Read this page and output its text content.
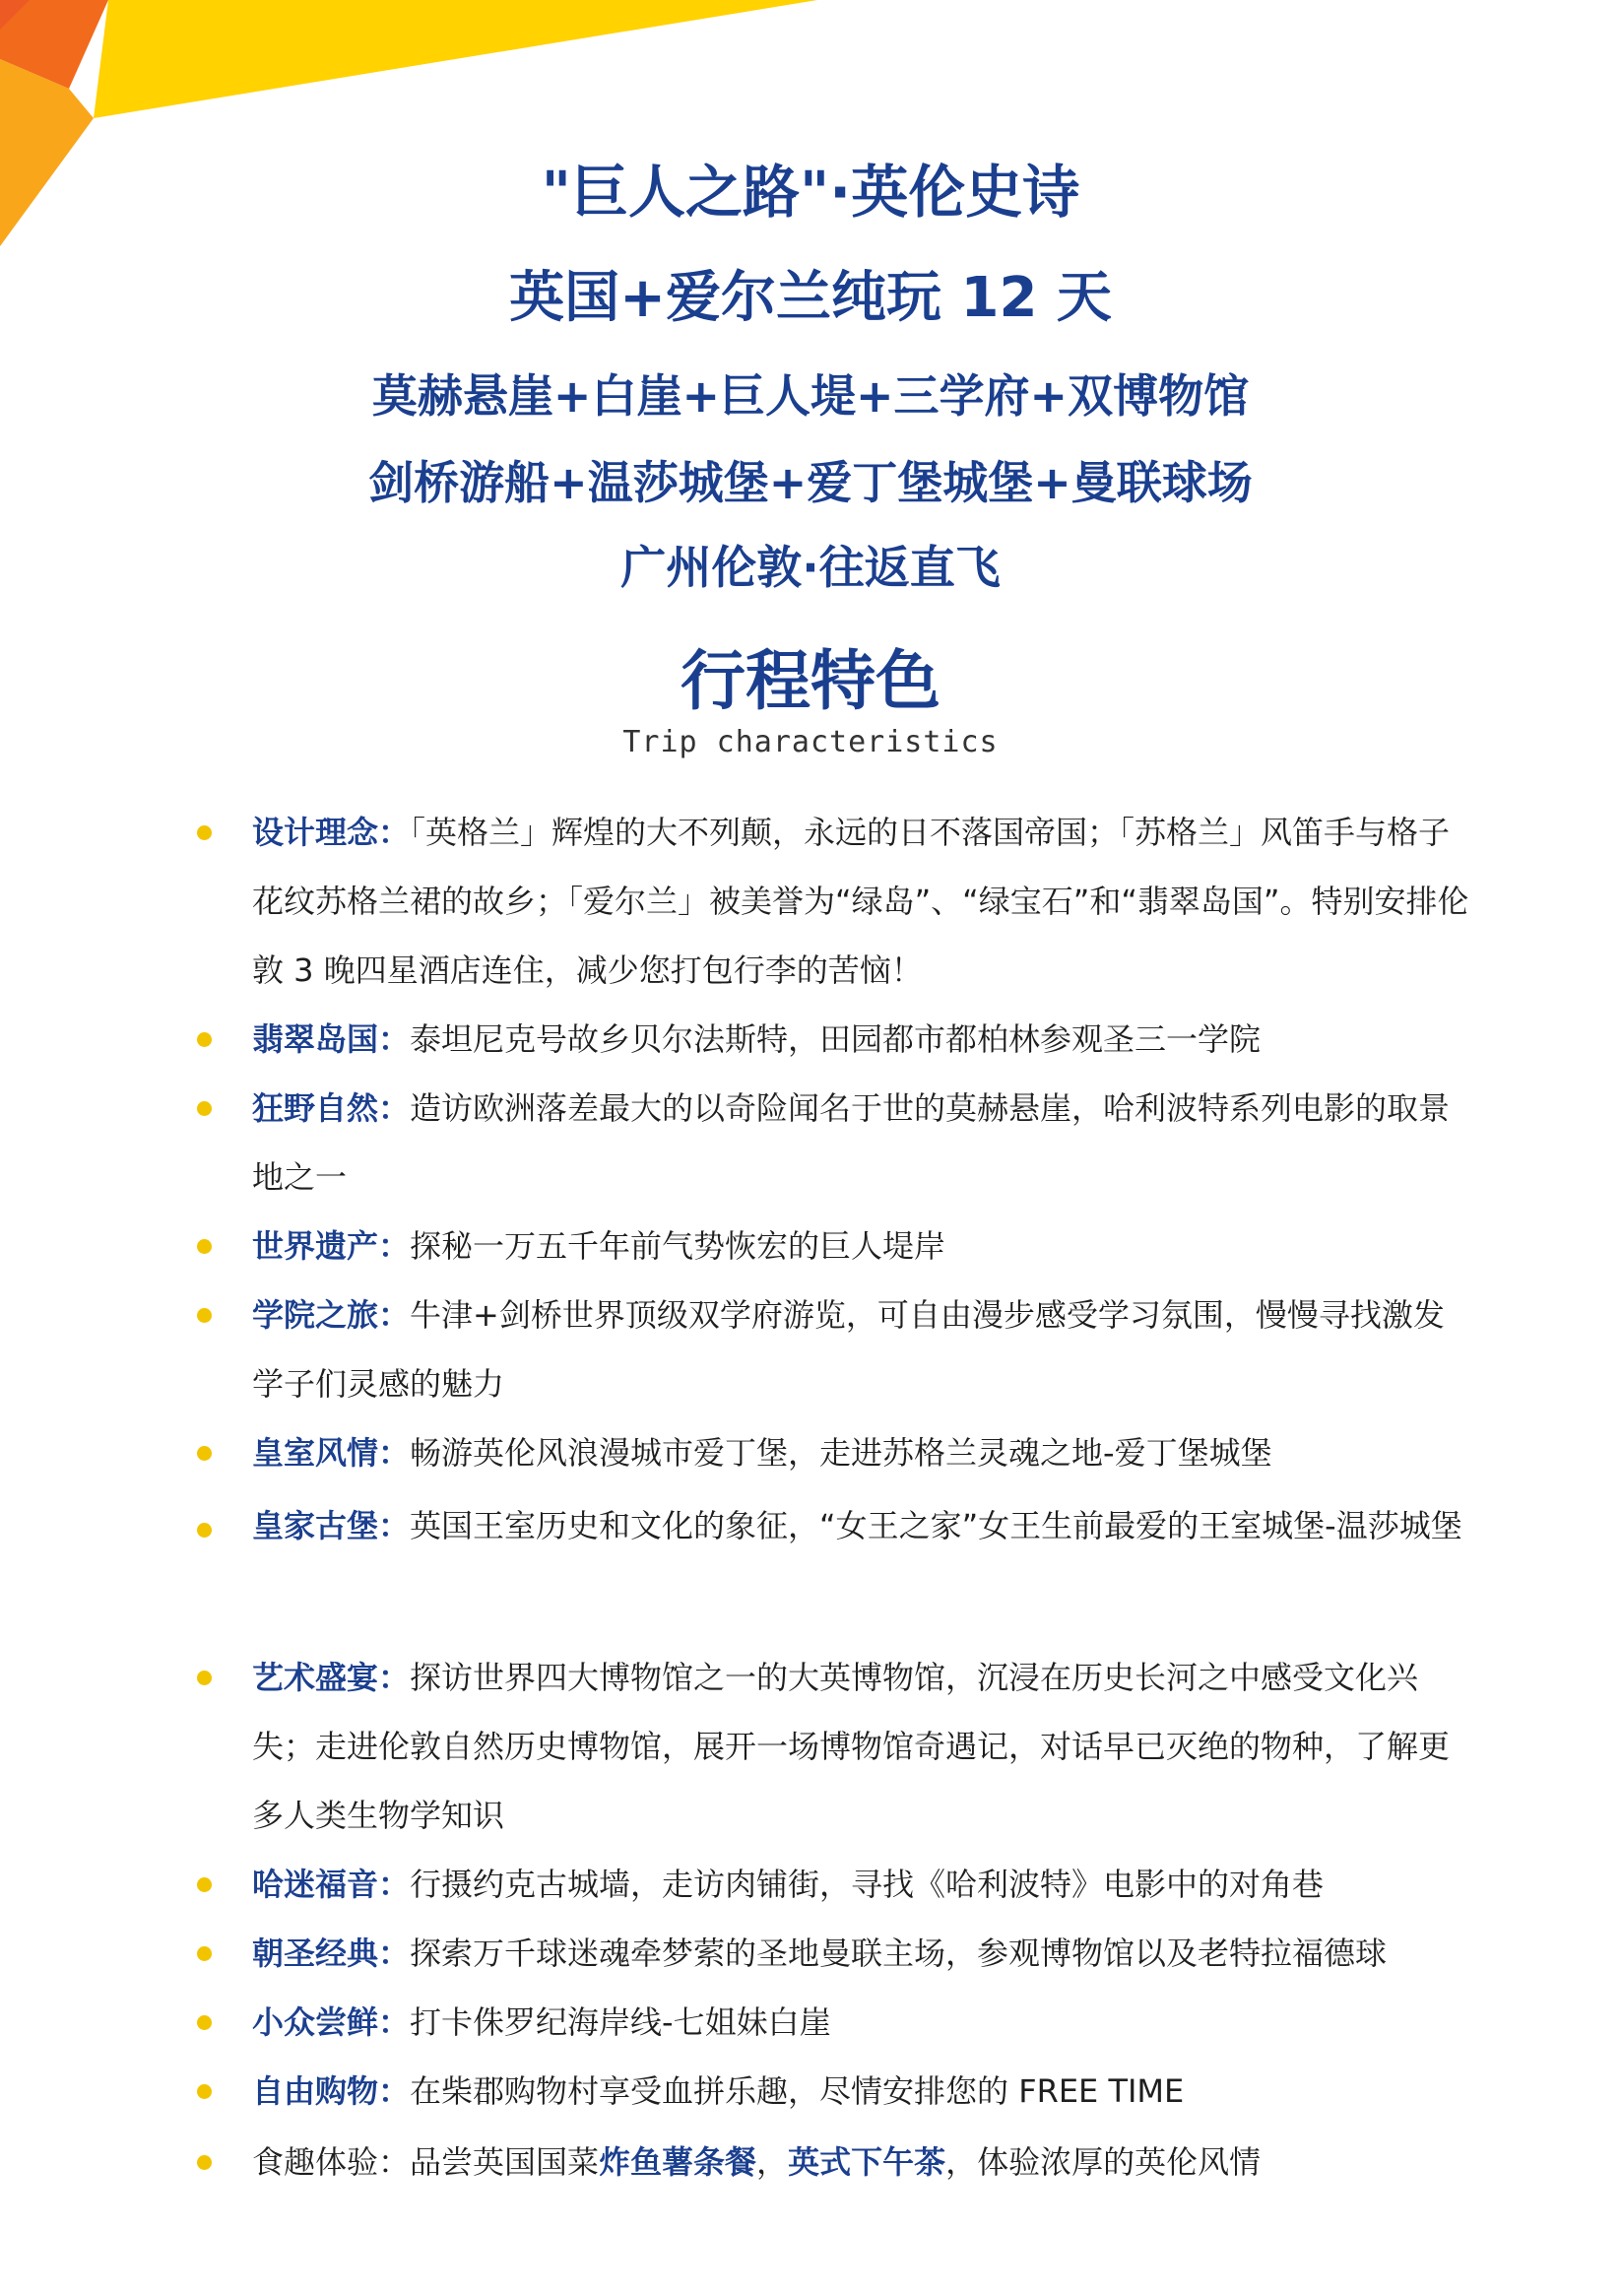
"巨人之路"·英伦史诗
英国+爱尔兰纯玩 12 天
莫赫悬崖+白崖+巨人堤+三学府+双博物馆
剑桥游船+温莎城堡+爱丁堡城堡+曼联球场
广州伦敦·往返直飞
行程特色
Trip characteristics
设计理念：「英格兰」辉煌的大不列颠，永远的日不落国帝国；「苏格兰」风笛手与格子花纹苏格兰裙的故乡；「爱尔兰」被美誉为“绿岛”、“绿宝石”和“翡翠岛国”。特别安排伦敦 3 晚四星酒店连住，减少您打包行李的苦恼！
翡翠岛国：泰坦尼克号故乡贝尔法斯特，田园都市都柏林参观圣三一学院
狂野自然：造访欧洲落差最大的以奇险闻名于世的莫赫悬崖，哈利波特系列电影的取景地之一
世界遗产：探秘一万五千年前气势恢宏的巨人堤岸
学院之旅：牛津+剑桥世界顶级双学府游览，可自由漫步感受学习氛围，慢慢寻找激发学子们灵感的魅力
皇室风情：畅游英伦风浪漫城市爱丁堡，走进苏格兰灵魂之地-爱丁堡城堡
皇家古堡：英国王室历史和文化的象征，“女王之家”女王生前最爱的王室城堡-温莎城堡
艺术盛宴：探访世界四大博物馆之一的大英博物馆，沉浸在历史长河之中感受文化兴失；走进伦敦自然历史博物馆，展开一场博物馆奇遇记，对话早已灭绝的物种，了解更多人类生物学知识
哈迷福音：行摄约克古城墙，走访肉铺街，寻找《哈利波特》电影中的对角巷
朝圣经典：探索万千球迷魂牵梦萦的圣地曼联主场，参观博物馆以及老特拉福德球
小众尝鲜：打卡侏罗纪海岸线-七姐妹白崖
自由购物：在柴郡购物村享受血拼乐趣，尽情安排您的 FREE TIME
食趣体验：品尝英国国菜炸鱼薯条餐，英式下午茶，体验浓厚的英伦风情
